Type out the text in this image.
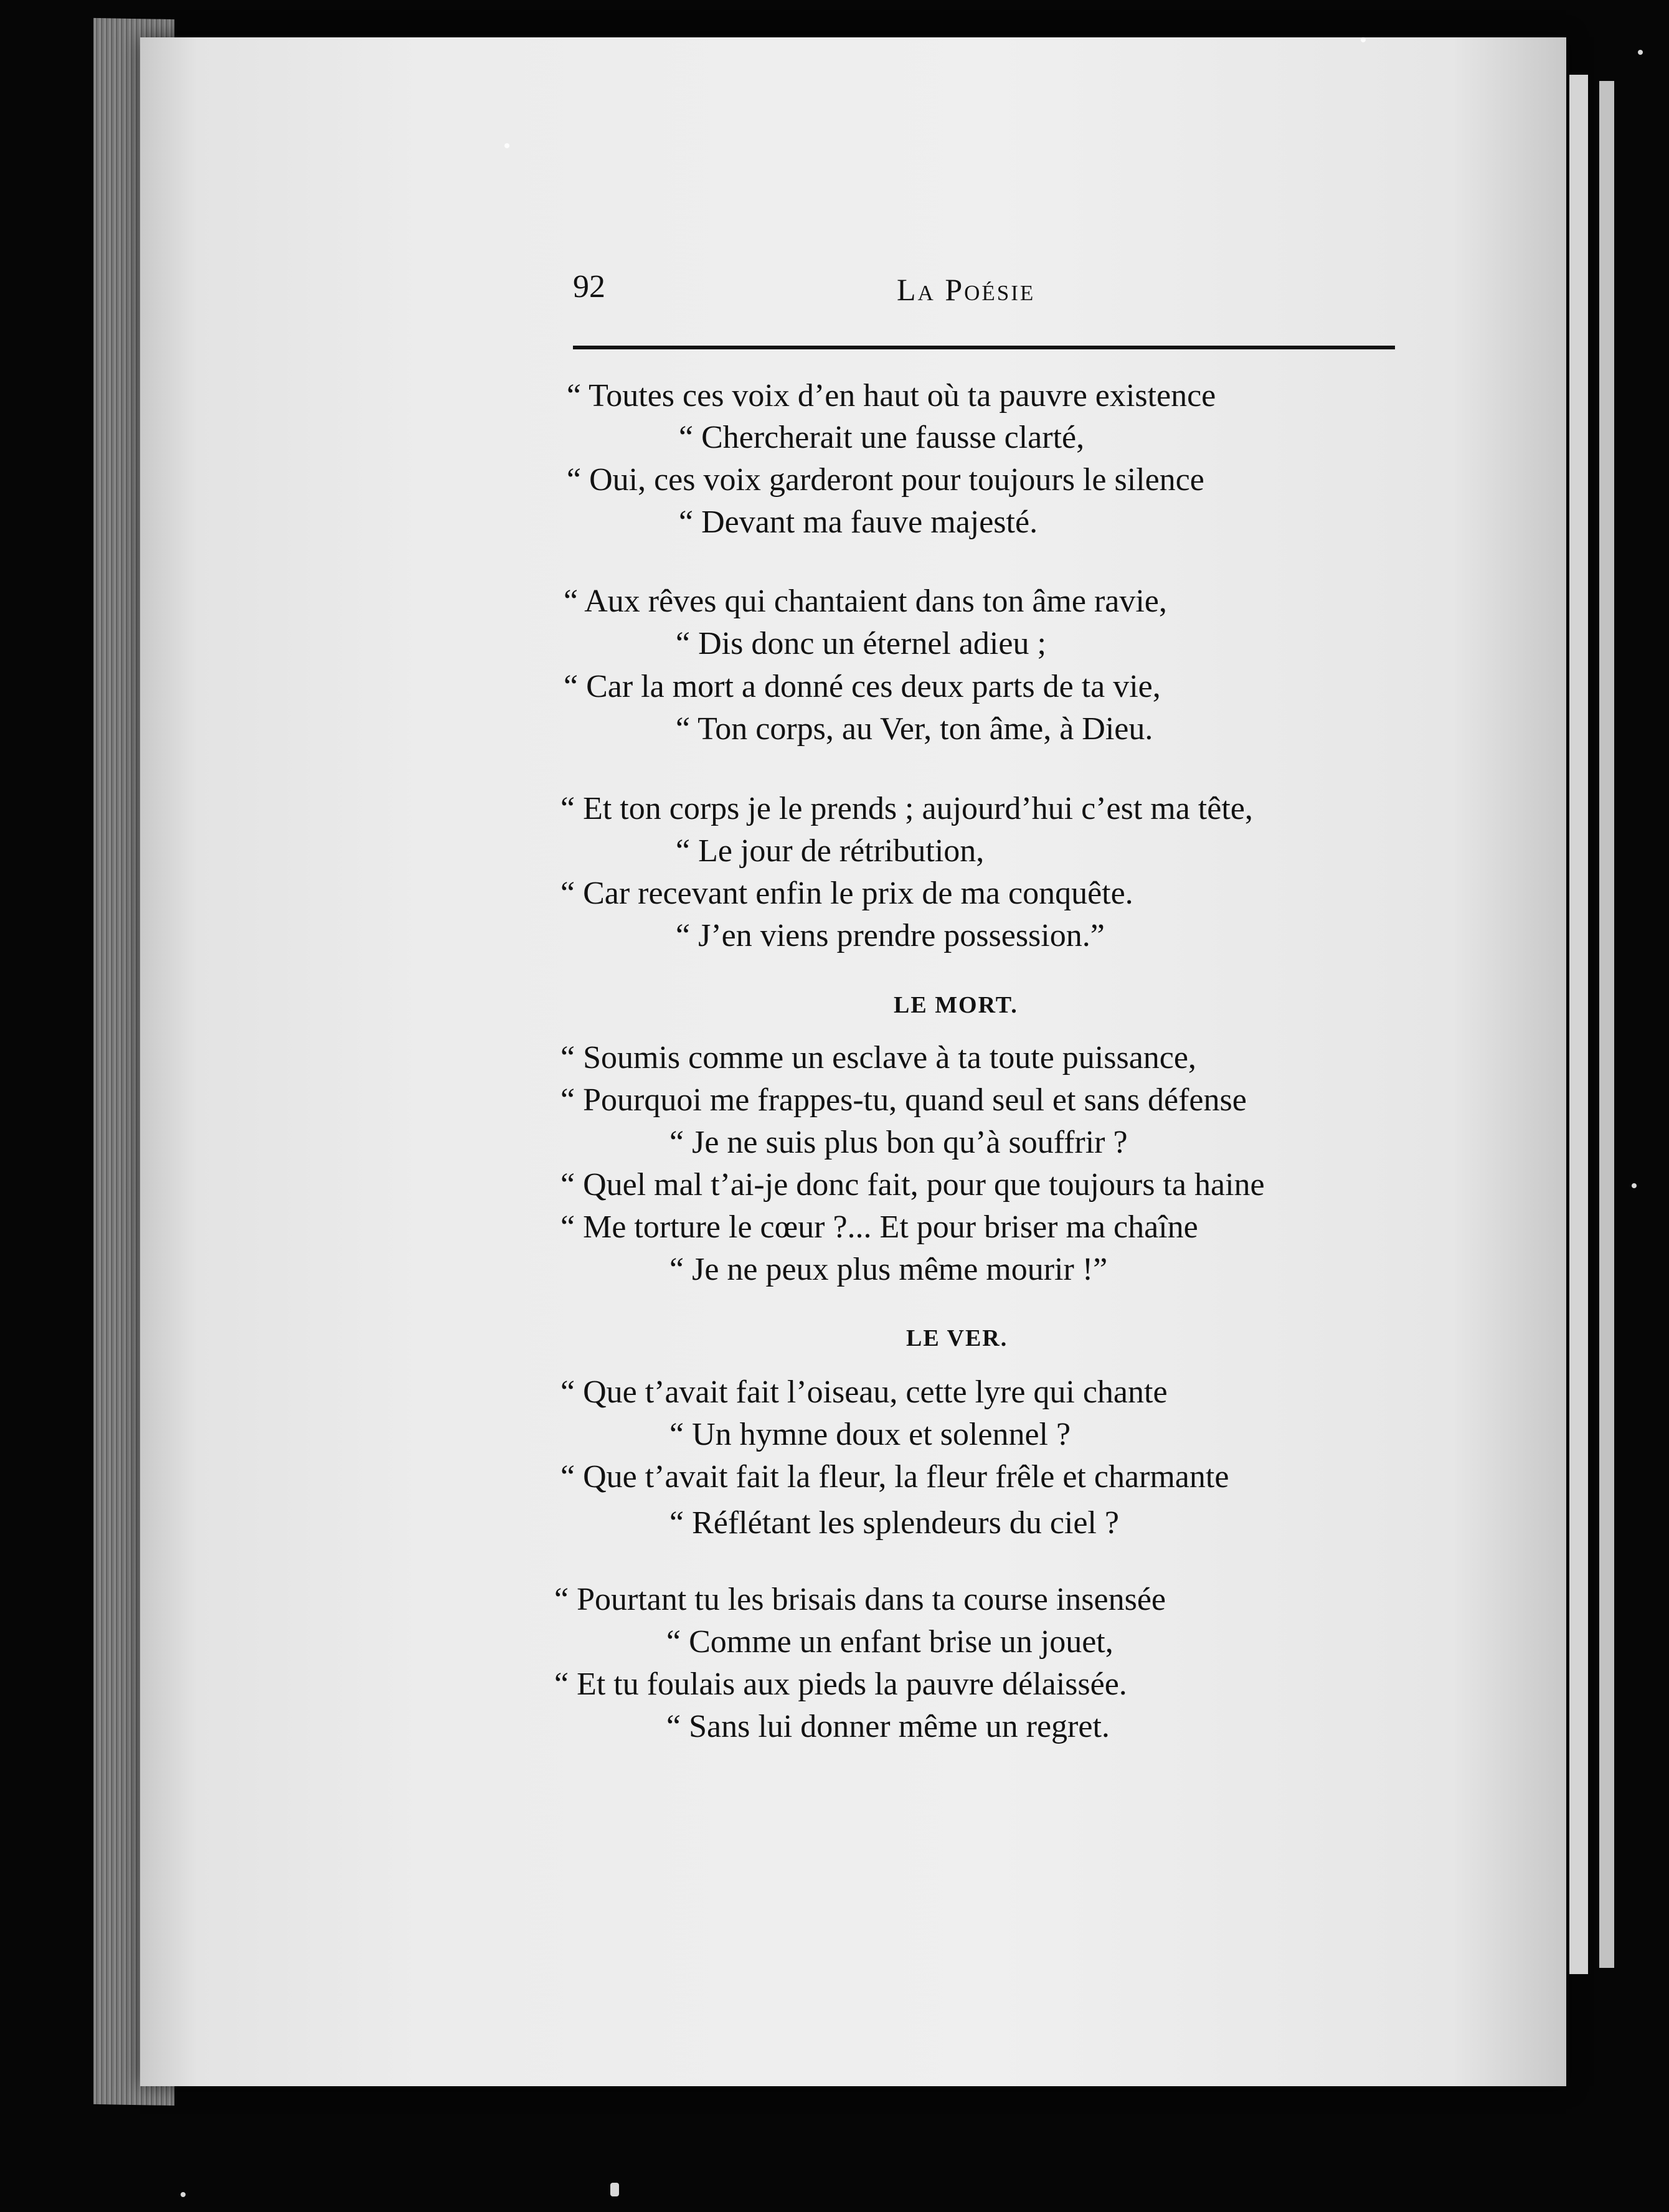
92	La Poésie
“ Toutes ces voix d’en haut où ta pauvre existence
“ Chercherait une fausse clarté,
“ Oui, ces voix garderont pour toujours le silence
“ Devant ma fauve majesté.
“ Aux rêves qui chantaient dans ton âme ravie,
“ Dis donc un éternel adieu ;
“ Car la mort a donné ces deux parts de ta vie,
“ Ton corps, au Ver, ton âme, à Dieu.
“ Et ton corps je le prends ; aujourd’hui c’est ma tête,
“ Le jour de rétribution,
“ Car recevant enfin le prix de ma conquête.
“ J’en viens prendre possession.”
LE MORT.
“ Soumis comme un esclave à ta toute puissance,
“ Pourquoi me frappes-tu, quand seul et sans défense
“ Je ne suis plus bon qu’à souffrir ?
“ Quel mal t’ai-je donc fait, pour que toujours ta haine
“ Me torture le cœur ?... Et pour briser ma chaîne
“ Je ne peux plus même mourir !”
LE VER.
“ Que t’avait fait l’oiseau, cette lyre qui chante
“ Un hymne doux et solennel ?
“ Que t’avait fait la fleur, la fleur frêle et charmante
“ Réflétant les splendeurs du ciel ?
“ Pourtant tu les brisais dans ta course insensée
“ Comme un enfant brise un jouet,
“ Et tu foulais aux pieds la pauvre délaissée.
“ Sans lui donner même un regret.
